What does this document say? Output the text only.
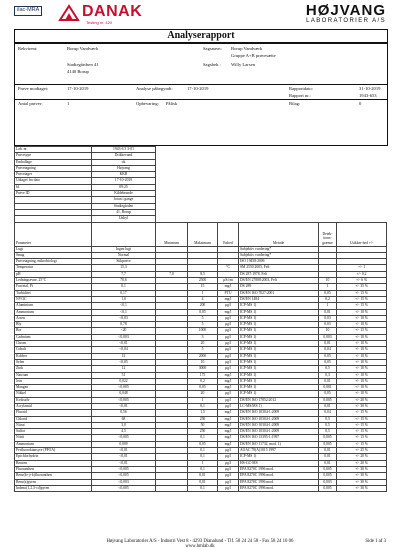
ilac-MRA	DANAK
Testing nr. 420
HØJVANG
LABORATORIER A/S
Analyserapport
Rekvirent:	Borup Vandværk
Stadiegårdsen 41
4140 Borup
Sagsnavn: Borup Vandværk
Gruppe A+B prøvesætte
Sagsbeh.: Willy Larsen
Prøve modtaget:	17-10-2019	Analyse påbegyndt:	17-10-2019	Rapportdato:	31-10-2019
Rapport nr.:	1943-653
Antal prøver:	1	Opbevaring: Pålisk	Bilag:	0
Lab. nr.	1943-6 5 3-01						
Prøvetype	Drikkevand						
Emballage	ok						
Prøvetagning	Højvang						
Prøvetager	KKR						
Udtaget fra dato	17-10-2019						
kl.	09:25						
Prøve ID	Kildebrunde						
	foran i gange						
	Stadiegården						
	41, Borup						
	Unkyl						
Parameter		Minimum	Maksimum	Enhed	Metode	Detek-tions-grænse	Usikker-hed +/-
Lugt	Ingen lugt				Subjektiv vurdering*		
Smag	Normal				Subjektiv vurdering*		
Prøvetagning, mikrobiologi	Stikprøve				ISO 19458:2006		
Temperatur	15,3			°C	SM 2550 2005, Felt		+/- 1
pH	7,7	7,0	8,5		DS 287:1978, Felt		+/- 0,2
Ledningsevne, 25°C	70,6		2500	µS/cm	DS/EN 27888:2003, Felt	10	+/- 6 %
Farvetal, Pt	0,1		15	mg/l	DS 289	1	+/- 35 %
Turbiditet	0,17		1	FTU	DS/EN ISO 7027:2001	0,05	+/- 15 %
NVOC	1,0		4	mg/l	DS/EN 1484	0,2	+/- 15 %
Aluminium	<0,1		200	µg/l	ICP-MS 1)	1	+/- 15 %
Ammonium	<0,1		0,05	mg/l	ICP-MS 1)	0,01	+/- 10 %
Arsen	<0,03		5	µg/l	ICP-MS 1)	0,03	+/- 10 %
Bly	0,78		5	µg/l	ICP-MS 1)	0,03	+/- 10 %
Bor	<20		1000	µg/l	ICP-MS 1)	10	+/- 15 %
Cadmium	<0,003		3	µg/l	ICP-MS 1)	0,003	+/- 10 %
Chrom	<0,01		20	µg/l	ICP-MS 1)	0,01	+/- 10 %
Cobalt	<0,04		5	µg/l	ICP-MS 1)	0,04	+/- 10 %
Kobber	12		2000	µg/l	ICP-MS 1)	0,05	+/- 10 %
Selen	<0,05		10	µg/l	ICP-MS 1)	0,05	+/- 10 %
Zink	12		3000	µg/l	ICP-MS 1)	0,5	+/- 10 %
Natrium	51		175	mg/l	ICP-MS 1)	0,3	+/- 10 %
Jern	0,022		0,2	mg/l	ICP-MS 1)	0,01	+/- 10 %
Mangan	<0,005		0,05	mg/l	ICP-MS 1)	0,001	+/- 10 %
Nikkel	0,048		20	µg/l	ICP-MS 1)	0,05	+/- 10 %
Kviksølv	<0,005		1	µg/l	DS/EN ISO 17852:2012	0,005	+/- 20 %
Acrylamid	<0,01		0,1	µg/l	LC-MS/MS 1)	0,01	+/- 30 %
Fluorid	0,56		1,5	mg/l	DS/EN ISO 10304-1:2009	0,04	+/- 15 %
Chlorid	68		250	mg/l	DS/EN ISO 10304-1:2009	0,5	+/- 15 %
Nitrat	3,0		50	mg/l	DS/EN ISO 10304-1:2009	0,5	+/- 15 %
Sulfat	4,5		250	mg/l	DS/EN ISO 10304-1:2009	0,5	+/- 15 %
Nitrit	<0,005		0,1	mg/l	DS/EN ISO 13395-1:1997	0,005	+/- 15 %
Ammonium	0,009		0,05	mg/l	DS/EN ISO 11732, mod. 1)	0,005	+/- 15 %
Perfluoroktansyre (PFOA)	<0,01		0,1	µg/l	AOAC 78(A)1015 1997	0,01	+/- 25 %
Epichlorhydrin	<0,01		0,1	µg/l	ICP-MS 1)	0,01	+/- 20 %
Benzen	<0,01		1	µg/l	HS-GC-MS	0,01	+/- 20 %
Fluoranthen	<0,005		0,1	µg/l	EPA 8270C 1996 mod.	0,005	+/- 30 %
Benz(b+j+k)fluoranthen	<0,005		0,01	µg/l	EPA 8270C 1996 mod.	0,005	+/- 30 %
Benz(a)pyren	<0,003		0,01	µg/l	EPA 8270C 1996 mod.	0,003	+/- 30 %
Indeno(1,2,3-cd)pyren	<0,005		0,1	µg/l	EPA 8270C 1996 mod.	0,005	+/- 30 %
Højvang Laboratorier A/S - Industri Vest 8 - 4293 Dianalund - Tlf. 58 24 24 58 - Fax 58 24 10 06
www.hmlab.dk
Side 1 af 3
